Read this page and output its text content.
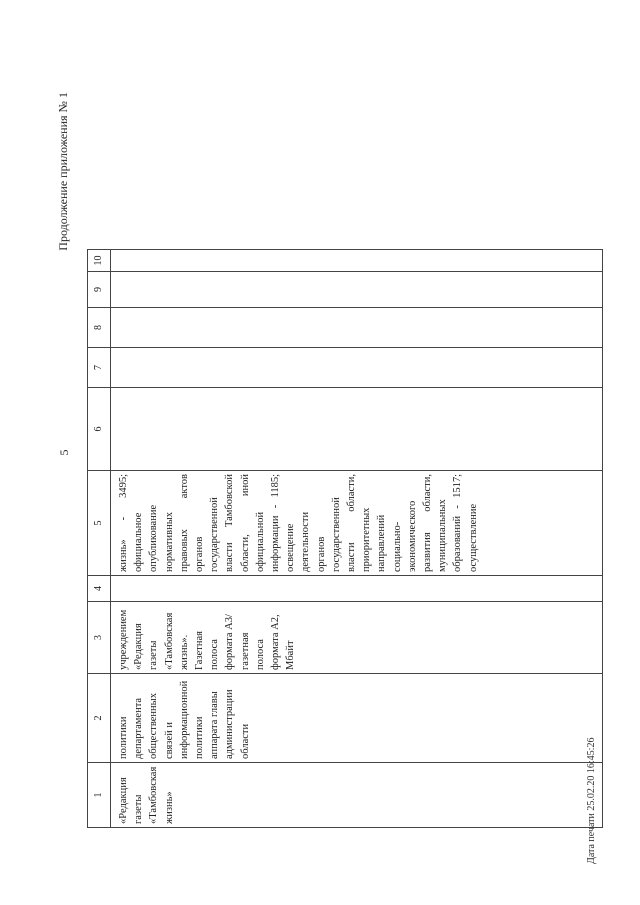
5
Продолжение приложения № 1
1	2	3	4	5	6	7	8	9	10
«Редакция газеты «Тамбовская жизнь»	политики департамента общественных связей и информационной политики аппарата главы администрации области	учреждением «Редакция газеты «Тамбовская жизнь». Газетная полоса формата А3/газетная полоса формата А2, Мбайт		жизнь» - 3495; официальное опубликование нормативных правовых актов органов государственной власти Тамбовской области, иной официальной информации - 1185; освещение деятельности органов государственной власти области, приоритетных направлений социально-экономического развития области, муниципальных образований - 1517; осуществление					
Дата печати 25.02.20 16:45:26
